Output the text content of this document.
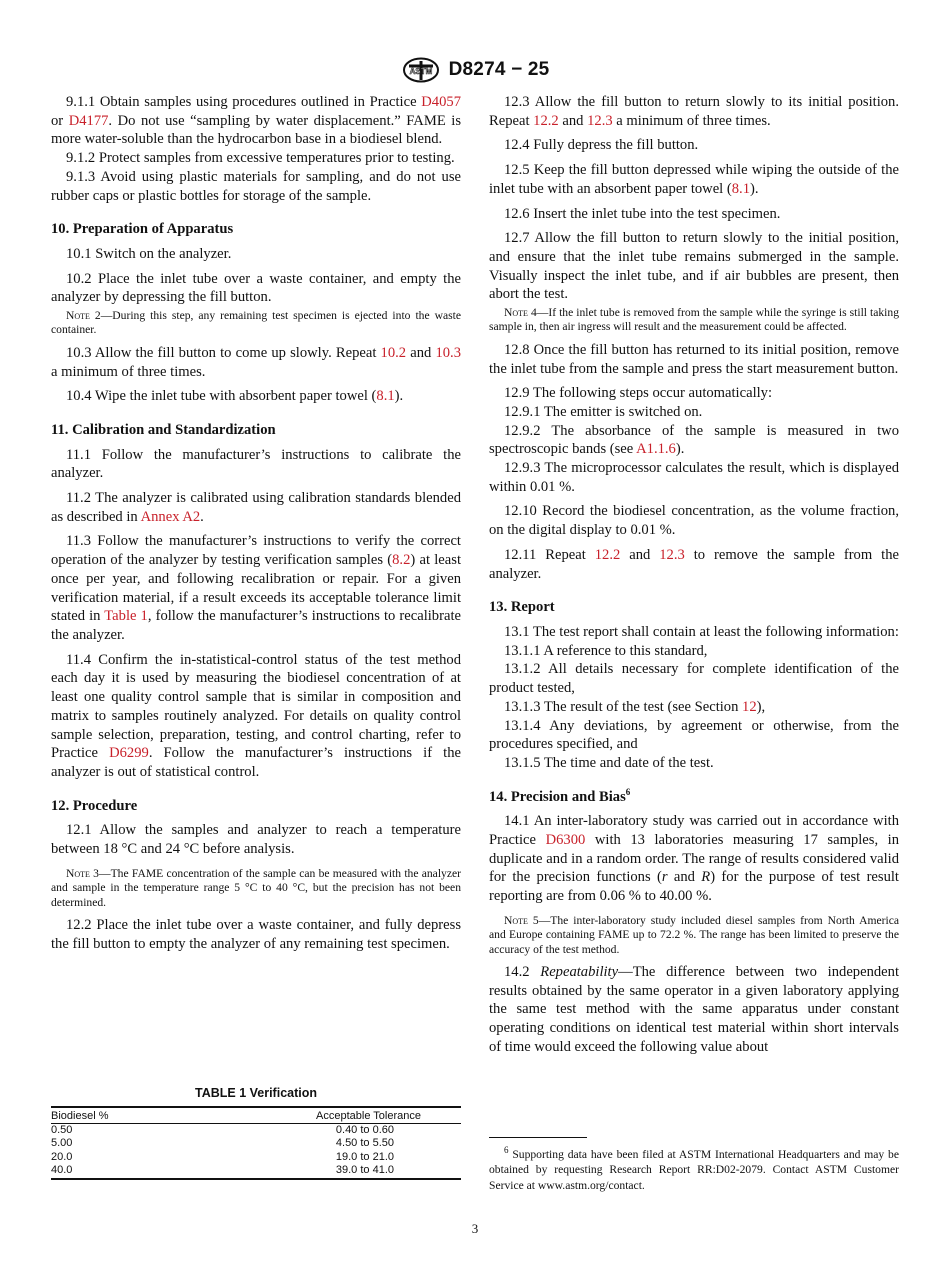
ASTM D8274 − 25

9.1.1 Obtain samples using procedures outlined in Practice D4057 or D4177. Do not use “sampling by water displacement.” FAME is more water-soluble than the hydrocarbon base in a biodiesel blend.

9.1.2 Protect samples from excessive temperatures prior to testing.

9.1.3 Avoid using plastic materials for sampling, and do not use rubber caps or plastic bottles for storage of the sample.

10. Preparation of Apparatus

10.1 Switch on the analyzer.

10.2 Place the inlet tube over a waste container, and empty the analyzer by depressing the fill button.

Note 2—During this step, any remaining test specimen is ejected into the waste container.

10.3 Allow the fill button to come up slowly. Repeat 10.2 and 10.3 a minimum of three times.

10.4 Wipe the inlet tube with absorbent paper towel (8.1).

11. Calibration and Standardization

11.1 Follow the manufacturer’s instructions to calibrate the analyzer.

11.2 The analyzer is calibrated using calibration standards blended as described in Annex A2.

11.3 Follow the manufacturer’s instructions to verify the correct operation of the analyzer by testing verification samples (8.2) at least once per year, and following recalibration or repair. For a given verification material, if a result exceeds its acceptable tolerance limit stated in Table 1, follow the manufacturer’s instructions to recalibrate the analyzer.

11.4 Confirm the in-statistical-control status of the test method each day it is used by measuring the biodiesel concentration of at least one quality control sample that is similar in composition and matrix to samples routinely analyzed. For details on quality control sample selection, preparation, testing, and control charting, refer to Practice D6299. Follow the manufacturer’s instructions if the analyzer is out of statistical control.

12. Procedure

12.1 Allow the samples and analyzer to reach a temperature between 18 °C and 24 °C before analysis.

Note 3—The FAME concentration of the sample can be measured with the analyzer and sample in the temperature range 5 °C to 40 °C, but the precision has not been determined.

12.2 Place the inlet tube over a waste container, and fully depress the fill button to empty the analyzer of any remaining test specimen.

TABLE 1 Verification
Biodiesel %	Acceptable Tolerance
0.50	0.40 to 0.60
5.00	4.50 to 5.50
20.0	19.0 to 21.0
40.0	39.0 to 41.0

12.3 Allow the fill button to return slowly to its initial position. Repeat 12.2 and 12.3 a minimum of three times.

12.4 Fully depress the fill button.

12.5 Keep the fill button depressed while wiping the outside of the inlet tube with an absorbent paper towel (8.1).

12.6 Insert the inlet tube into the test specimen.

12.7 Allow the fill button to return slowly to the initial position, and ensure that the inlet tube remains submerged in the sample. Visually inspect the inlet tube, and if air bubbles are present, then abort the test.

Note 4—If the inlet tube is removed from the sample while the syringe is still taking sample in, then air ingress will result and the measurement could be affected.

12.8 Once the fill button has returned to its initial position, remove the inlet tube from the sample and press the start measurement button.

12.9 The following steps occur automatically:

12.9.1 The emitter is switched on.

12.9.2 The absorbance of the sample is measured in two spectroscopic bands (see A1.1.6).

12.9.3 The microprocessor calculates the result, which is displayed within 0.01 %.

12.10 Record the biodiesel concentration, as the volume fraction, on the digital display to 0.01 %.

12.11 Repeat 12.2 and 12.3 to remove the sample from the analyzer.

13. Report

13.1 The test report shall contain at least the following information:

13.1.1 A reference to this standard,

13.1.2 All details necessary for complete identification of the product tested,

13.1.3 The result of the test (see Section 12),

13.1.4 Any deviations, by agreement or otherwise, from the procedures specified, and

13.1.5 The time and date of the test.

14. Precision and Bias$^6$

14.1 An inter-laboratory study was carried out in accordance with Practice D6300 with 13 laboratories measuring 17 samples, in duplicate and in a random order. The range of results considered valid for the precision functions (r and R) for the purpose of test result reporting are from 0.06 % to 40.00 %.

Note 5—The inter-laboratory study included diesel samples from North America and Europe containing FAME up to 72.2 %. The range has been limited to preserve the accuracy of the test method.

14.2 Repeatability—The difference between two independent results obtained by the same operator in a given laboratory applying the same test method with the same apparatus under constant operating conditions on identical test material within short intervals of time would exceed the following value about

$^6$ Supporting data have been filed at ASTM International Headquarters and may be obtained by requesting Research Report RR:D02-2079. Contact ASTM Customer Service at www.astm.org/contact.
3
